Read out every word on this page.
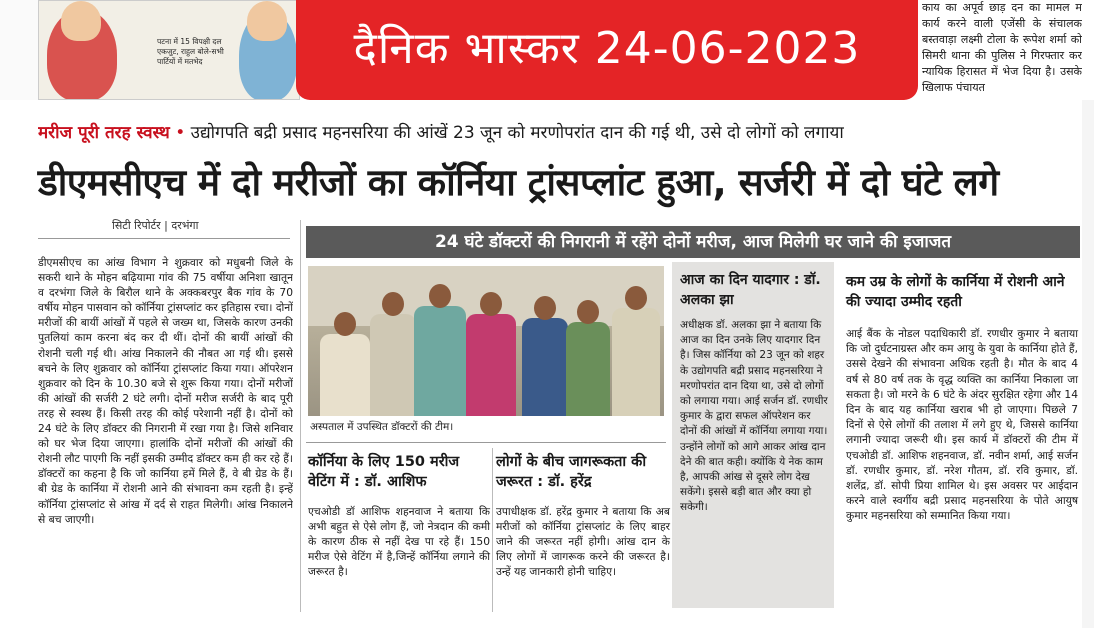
पटना में 15 विपक्षी दल एकजुट, राहुल बोले-सभी पार्टियों में मतभेद	दैनिक भास्कर 24-06-2023
काय का अपूर्व छाड़ दन का मामल म कार्य करने वाली एजेंसी के संचालक बस्तवाड़ा लक्ष्मी टोला के रूपेश शर्मा को सिमरी थाना की पुलिस ने गिरफ्तार कर न्यायिक हिरासत में भेज दिया है। उसके खिलाफ पंचायत
मरीज पूरी तरह स्वस्थ • उद्योगपति बद्री प्रसाद महनसरिया की आंखें 23 जून को मरणोपरांत दान की गई थी, उसे दो लोगों को लगाया
डीएमसीएच में दो मरीजों का कॉर्निया ट्रांसप्लांट हुआ, सर्जरी में दो घंटे लगे
सिटी रिपोर्टर | दरभंगा
डीएमसीएच का आंख विभाग ने शुक्रवार को मधुबनी जिले के सकरी थाने के मोहन बढ़ियामा गांव की 75 वर्षीया अनिशा खातून व दरभंगा जिले के बिरौल थाने के अक्कबरपुर बैक गांव के 70 वर्षीय मोहन पासवान को कॉर्निया ट्रांसप्लांट कर इतिहास रचा। दोनों मरीजों की बायीं आंखों में पहले से जख्म था, जिसके कारण उनकी पुतलियां काम करना बंद कर दी थीं। दोनों की बायीं आंखों की रोशनी चली गई थी। आंख निकालने की नौबत आ गई थी। इससे बचने के लिए शुक्रवार को कॉर्निया ट्रांसप्लांट किया गया। ऑपरेशन शुक्रवार को दिन के 10.30 बजे से शुरू किया गया। दोनों मरीजों की आंखों की सर्जरी 2 घंटे लगी। दोनों मरीज सर्जरी के बाद पूरी तरह से स्वस्थ हैं। किसी तरह की कोई परेशानी नहीं है। दोनों को 24 घंटे के लिए डॉक्टर की निगरानी में रखा गया है। जिसे शनिवार को घर भेज दिया जाएगा। हालांकि दोनों मरीजों की आंखों की रोशनी लौट पाएगी कि नहीं इसकी उम्मीद डॉक्टर कम ही कर रहे हैं। डॉक्टरों का कहना है कि जो कार्निया हमें मिले हैं, वे बी ग्रेड के हैं। बी ग्रेड के कार्निया में रोशनी आने की संभावना कम रहती है। इन्हें कॉर्निया ट्रांसप्लांट से आंख में दर्द से राहत मिलेगी। आंख निकालने से बच जाएगी।
24 घंटे डॉक्टरों की निगरानी में रहेंगे दोनों मरीज, आज मिलेगी घर जाने की इजाजत
अस्पताल में उपस्थित डॉक्टरों की टीम।
कॉर्निया के लिए 150 मरीज वेटिंग में : डॉ. आशिफ
एचओडी डॉ आशिफ शहनवाज ने बताया कि अभी बहुत से ऐसे लोग हैं, जो नेत्रदान की कमी के कारण ठीक से नहीं देख पा रहे हैं। 150 मरीज ऐसे वेटिंग में है,जिन्हें कॉर्निया लगाने की जरूरत है।
लोगों के बीच जागरूकता की जरूरत : डॉ. हरेंद्र
उपाधीक्षक डॉ. हरेंद्र कुमार ने बताया कि अब मरीजों को कॉर्निया ट्रांसप्लांट के लिए बाहर जाने की जरूरत नहीं होगी। आंख दान के लिए लोगों में जागरूक करने की जरूरत है। उन्हें यह जानकारी होनी चाहिए।
आज का दिन यादगार : डॉ. अलका झा
अधीक्षक डॉ. अलका झा ने बताया कि आज का दिन उनके लिए यादगार दिन है। जिस कॉर्निया को 23 जून को शहर के उद्योगपति बद्री प्रसाद महनसरिया ने मरणोपरांत दान दिया था, उसे दो लोगों को लगाया गया। आई सर्जन डॉ. रणधीर कुमार के द्वारा सफल ऑपरेशन कर दोनों की आंखों में कॉर्निया लगाया गया। उन्होंने लोगों को आगे आकर आंख दान देने की बात कही। क्योंकि ये नेक काम है, आपकी आंख से दूसरे लोग देख सकेंगे। इससे बड़ी बात और क्या हो सकेगी।
कम उम्र के लोगों के कार्निया में रोशनी आने की ज्यादा उम्मीद रहती
आई बैंक के नोडल पदाधिकारी डॉ. रणधीर कुमार ने बताया कि जो दुर्घटनाग्रस्त और कम आयु के युवा के कार्निया होते हैं, उससे देखने की संभावना अधिक रहती है। मौत के बाद 4 वर्ष से 80 वर्ष तक के वृद्ध व्यक्ति का कार्निया निकाला जा सकता है। जो मरने के 6 घंटे के अंदर सुरक्षित रहेगा और 14 दिन के बाद यह कार्निया खराब भी हो जाएगा। पिछले 7 दिनों से ऐसे लोगों की तलाश में लगे हुए थे, जिससे कार्निया लगानी ज्यादा जरूरी थी। इस कार्य में डॉक्टरों की टीम में एचओडी डॉ. आशिफ शहनवाज, डॉ. नवीन शर्मा, आई सर्जन डॉ. रणधीर कुमार, डॉ. नरेश गौतम, डॉ. रवि कुमार, डॉ. शलेंद्र, डॉ. सोपी प्रिया शामिल थे। इस अवसर पर आईदान करने वाले स्वर्गीय बद्री प्रसाद महनसरिया के पोते आयुष कुमार महनसरिया को सम्मानित किया गया।
